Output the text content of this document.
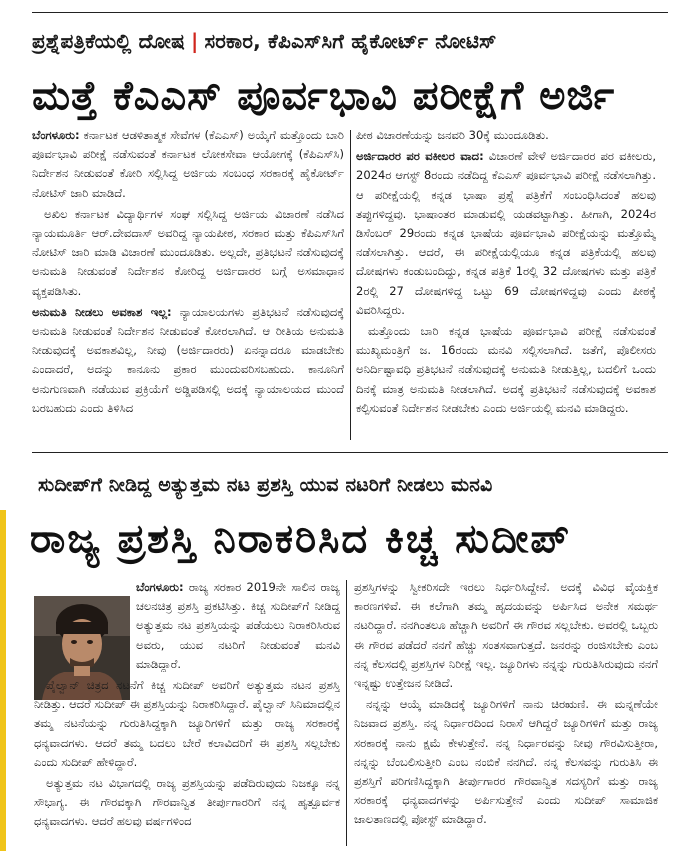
ಪ್ರಶ್ನೆಪತ್ರಿಕೆಯಲ್ಲಿ ದೋಷ | ಸರಕಾರ, ಕೆಪಿಎಸ್‌ಸಿಗೆ ಹೈಕೋರ್ಟ್ ನೋಟಿಸ್
ಮತ್ತೆ ಕೆಎಎಸ್ ಪೂರ್ವಭಾವಿ ಪರೀಕ್ಷೆಗೆ ಅರ್ಜಿ

ಬೆಂಗಳೂರು: ಕರ್ನಾಟಕ ಆಡಳಿತಾತ್ಮಕ ಸೇವೆಗಳ (ಕೆಎಎಸ್) ಅಯ್ಕೆಗೆ ಮತ್ತೊಂದು ಬಾರಿ ಪೂರ್ವಭಾವಿ ಪರೀಕ್ಷೆ ನಡೆಸುವಂತೆ ಕರ್ನಾಟಕ ಲೋಕಸೇವಾ ಆಯೋಗಕ್ಕೆ (ಕೆಪಿಎಸ್‌ಸಿ) ನಿರ್ದೇಶನ ನೀಡುವಂತೆ ಕೋರಿ ಸಲ್ಲಿಸಿದ್ದ ಅರ್ಜಿಯ ಸಂಬಂಧ ಸರಕಾರಕ್ಕೆ ಹೈಕೋರ್ಟ್ ನೋಟಿಸ್ ಜಾರಿ ಮಾಡಿದೆ.

ಅಖಿಲ ಕರ್ನಾಟಕ ವಿದ್ಯಾರ್ಥಿಗಳ ಸಂಘ ಸಲ್ಲಿಸಿದ್ದ ಅರ್ಜಿಯ ವಿಚಾರಣೆ ನಡೆಸಿದ ನ್ಯಾಯಮೂರ್ತಿ ಆರ್.ದೇವದಾಸ್ ಅವರಿದ್ದ ನ್ಯಾಯಪೀಠ, ಸರಕಾರ ಮತ್ತು ಕೆಪಿಎಸ್‌ಸಿಗೆ ನೋಟಿಸ್ ಜಾರಿ ಮಾಡಿ ವಿಚಾರಣೆ ಮುಂದೂಡಿತು. ಅಲ್ಲದೇ, ಪ್ರತಿಭಟನೆ ನಡೆಸುವುದಕ್ಕೆ ಅನುಮತಿ ನೀಡುವಂತೆ ನಿರ್ದೇಶನ ಕೋರಿದ್ದ ಅರ್ಜಿದಾರರ ಬಗ್ಗೆ ಅಸಮಾಧಾನ ವ್ಯಕ್ತಪಡಿಸಿತು.

ಅನುಮತಿ ನೀಡಲು ಅವಕಾಶ ಇಲ್ಲ: ನ್ಯಾಯಾಲಯಗಳು ಪ್ರತಿಭಟನೆ ನಡೆಸುವುದಕ್ಕೆ ಅನುಮತಿ ನೀಡುವಂತೆ ನಿರ್ದೇಶನ ನೀಡುವಂತೆ ಕೋರಲಾಗಿದೆ. ಆ ರೀತಿಯ ಅನುಮತಿ ನೀಡುವುದಕ್ಕೆ ಅವಕಾಶವಿಲ್ಲ, ನೀವು (ಅರ್ಜಿದಾರರು) ಏನನ್ನಾದರೂ ಮಾಡಬೇಕು ಎಂದಾದರೆ, ಅದನ್ನು ಕಾನೂನು ಪ್ರಕಾರ ಮುಂದುವರಿಸಬಹುದು. ಕಾನೂನಿಗೆ ಅನುಗುಣವಾಗಿ ನಡೆಯುವ ಪ್ರಕ್ರಿಯೆಗೆ ಅಡ್ಡಿಪಡಿಸಲ್ಲಿ ಅದಕ್ಕೆ ನ್ಯಾಯಾಲಯದ ಮುಂದೆ ಬರಬಹುದು ಎಂದು ತಿಳಿಸಿದ

ಪೀಠ ವಿಚಾರಣೆಯನ್ನು ಜನವರಿ 30ಕ್ಕೆ ಮುಂದೂಡಿತು.

ಅರ್ಜಿದಾರರ ಪರ ವಕೀಲರ ವಾದ: ವಿಚಾರಣೆ ವೇಳೆ ಅರ್ಜಿದಾರರ ಪರ ವಕೀಲರು, 2024ರ ಆಗಸ್ಟ್ 8ರಂದು ನಡೆದಿದ್ದ ಕೆಎಎಸ್ ಪೂರ್ವಭಾವಿ ಪರೀಕ್ಷೆ ನಡೆಸಲಾಗಿತ್ತು. ಆ ಪರೀಕ್ಷೆಯಲ್ಲಿ ಕನ್ನಡ ಭಾಷಾ ಪ್ರಶ್ನೆ ಪತ್ರಿಕೆಗೆ ಸಂಬಂಧಿಸಿದಂತೆ ಹಲವು ತಪ್ಪುಗಳಿದ್ದವು. ಭಾಷಾಂತರ ಮಾಡುವಲ್ಲಿ ಯಡವಟ್ಟಾಗಿತ್ತು. ಹೀಗಾಗಿ, 2024ರ ಡಿಸೆಂಬರ್ 29ರಂದು ಕನ್ನಡ ಭಾಷೆಯ ಪೂರ್ವಭಾವಿ ಪರೀಕ್ಷೆಯನ್ನು ಮತ್ತೊಮ್ಮೆ ನಡೆಸಲಾಗಿತ್ತು. ಆದರೆ, ಈ ಪರೀಕ್ಷೆಯಲ್ಲಿಯೂ ಕನ್ನಡ ಪತ್ರಿಕೆಯಲ್ಲಿ ಹಲವು ದೋಷಗಳು ಕಂಡುಬಂದಿದ್ದು, ಕನ್ನಡ ಪತ್ರಿಕೆ 1ರಲ್ಲಿ 32 ದೋಷಗಳು ಮತ್ತು ಪತ್ರಿಕೆ 2ರಲ್ಲಿ 27 ದೋಷಗಳಿದ್ದ ಒಟ್ಟು 69 ದೋಷಗಳಿದ್ದವು ಎಂದು ಪೀಠಕ್ಕೆ ವಿವರಿಸಿದ್ದರು.

ಮತ್ತೊಂದು ಬಾರಿ ಕನ್ನಡ ಭಾಷೆಯ ಪೂರ್ವಭಾವಿ ಪರೀಕ್ಷೆ ನಡೆಸುವಂತೆ ಮುಖ್ಯಮಂತ್ರಿಗೆ ಜ. 16ರಂದು ಮನವಿ ಸಲ್ಲಿಸಲಾಗಿದೆ. ಜತೆಗೆ, ಪೊಲೀಸರು ಅನಿರ್ದಿಷ್ಟಾವಧಿ ಪ್ರತಿಭಟನೆ ನಡೆಸುವುದಕ್ಕೆ ಅನುಮತಿ ನೀಡುತ್ತಿಲ್ಲ, ಬದಲಿಗೆ ಒಂದು ದಿನಕ್ಕೆ ಮಾತ್ರ ಅನುಮತಿ ನೀಡಲಾಗಿದೆ. ಅದಕ್ಕೆ ಪ್ರತಿಭಟನೆ ನಡೆಸುವುದಕ್ಕೆ ಅವಕಾಶ ಕಲ್ಪಿಸುವಂತೆ ನಿರ್ದೇಶನ ನೀಡಬೇಕು ಎಂದು ಅರ್ಜಿಯಲ್ಲಿ ಮನವಿ ಮಾಡಿದ್ದರು.

ಸುದೀಪ್‌ಗೆ ನೀಡಿದ್ದ ಅತ್ಯುತ್ತಮ ನಟ ಪ್ರಶಸ್ತಿ ಯುವ ನಟರಿಗೆ ನೀಡಲು ಮನವಿ
ರಾಜ್ಯ ಪ್ರಶಸ್ತಿ ನಿರಾಕರಿಸಿದ ಕಿಚ್ಚ ಸುದೀಪ್

ಬೆಂಗಳೂರು: ರಾಜ್ಯ ಸರಕಾರ 2019ನೇ ಸಾಲಿನ ರಾಜ್ಯ ಚಲನಚಿತ್ರ ಪ್ರಶಸ್ತಿ ಪ್ರಕಟಿಸಿತ್ತು. ಕಿಚ್ಚ ಸುದೀಪ್‌ಗೆ ನೀಡಿದ್ದ ಅತ್ಯುತ್ತಮ ನಟ ಪ್ರಶಸ್ತಿಯನ್ನು ಪಡೆಯಲು ನಿರಾಕರಿಸಿರುವ ಅವರು, ಯುವ ನಟರಿಗೆ ನೀಡುವಂತೆ ಮನವಿ ಮಾಡಿದ್ದಾರೆ.

ಪೈಲ್ವಾನ್ ಚಿತ್ರದ ನಟನೆಗೆ ಕಿಚ್ಚ ಸುದೀಪ್ ಅವರಿಗೆ ಅತ್ಯುತ್ತಮ ನಟನ ಪ್ರಶಸ್ತಿ ನೀಡಿತ್ತು. ಆದರೆ ಸುದೀಪ್ ಈ ಪ್ರಶಸ್ತಿಯನ್ನು ನಿರಾಕರಿಸಿದ್ದಾರೆ. ಪೈಲ್ವಾನ್ ಸಿನಿಮಾದಲ್ಲಿನ ತಮ್ಮ ನಟನೆಯನ್ನು ಗುರುತಿಸಿದ್ದಕ್ಕಾಗಿ ಜ್ಯೂರಿಗಳಿಗೆ ಮತ್ತು ರಾಜ್ಯ ಸರಕಾರಕ್ಕೆ ಧನ್ಯವಾದಗಳು. ಆದರೆ ತಮ್ಮ ಬದಲು ಬೇರೆ ಕಲಾವಿದರಿಗೆ ಈ ಪ್ರಶಸ್ತಿ ಸಲ್ಲಬೇಕು ಎಂದು ಸುದೀಪ್ ಹೇಳಿದ್ದಾರೆ.

ಅತ್ಯುತ್ತಮ ನಟ ವಿಭಾಗದಲ್ಲಿ ರಾಜ್ಯ ಪ್ರಶಸ್ತಿಯನ್ನು ಪಡೆದಿರುವುದು ನಿಜಕ್ಕೂ ನನ್ನ ಸೌಭಾಗ್ಯ. ಈ ಗೌರವಕ್ಕಾಗಿ ಗೌರವಾನ್ವಿತ ತೀರ್ಪುಗಾರರಿಗೆ ನನ್ನ ಹೃತ್ಪೂರ್ವಕ ಧನ್ಯವಾದಗಳು. ಆದರೆ ಹಲವು ವರ್ಷಗಳಿಂದ

ಪ್ರಶಸ್ತಿಗಳನ್ನು ಸ್ವೀಕರಿಸದೇ ಇರಲು ನಿರ್ಧರಿಸಿದ್ದೇನೆ. ಅದಕ್ಕೆ ವಿವಿಧ ವೈಯಕ್ತಿಕ ಕಾರಣಗಳಿವೆ. ಈ ಕಲೆಗಾಗಿ ತಮ್ಮ ಹೃದಯವನ್ನು ಅರ್ಪಿಸಿದ ಅನೇಕ ಸಮರ್ಥ ನಟರಿದ್ದಾರೆ. ನನಗಿಂತಲೂ ಹೆಚ್ಚಾಗಿ ಅವರಿಗೆ ಈ ಗೌರವ ಸಲ್ಲಬೇಕು. ಅವರಲ್ಲಿ ಒಬ್ಬರು ಈ ಗೌರವ ಪಡೆದರೆ ನನಗೆ ಹೆಚ್ಚು ಸಂತಸವಾಗುತ್ತದೆ. ಜನರನ್ನು ರಂಜಿಸಬೇಕು ಎಂಬ ನನ್ನ ಕೆಲಸದಲ್ಲಿ ಪ್ರಶಸ್ತಿಗಳ ನಿರೀಕ್ಷೆ ಇಲ್ಲ. ಜ್ಯೂರಿಗಳು ನನ್ನನ್ನು ಗುರುತಿಸಿರುವುದು ನನಗೆ ಇನ್ನಷ್ಟು ಉತ್ತೇಜನ ನೀಡಿದೆ.

ನನ್ನನ್ನು ಆಯ್ಕೆ ಮಾಡಿದಕ್ಕೆ ಜ್ಯೂರಿಗಳಿಗೆ ನಾನು ಚಿರಋಣಿ. ಈ ಮನ್ನಣೆಯೇ ನಿಜವಾದ ಪ್ರಶಸ್ತಿ. ನನ್ನ ನಿರ್ಧಾರದಿಂದ ನಿರಾಸೆ ಆಗಿದ್ದರೆ ಜ್ಯೂರಿಗಳಿಗೆ ಮತ್ತು ರಾಜ್ಯ ಸರಕಾರಕ್ಕೆ ನಾನು ಕ್ಷಮೆ ಕೇಳುತ್ತೇನೆ. ನನ್ನ ನಿರ್ಧಾರವನ್ನು ನೀವು ಗೌರವಿಸುತ್ತೀರಾ, ನನ್ನನ್ನು ಬೆಂಬಲಿಸುತ್ತೀರಿ ಎಂಬ ನಂಬಿಕೆ ನನಗಿದೆ. ನನ್ನ ಕೆಲಸವನ್ನು ಗುರುತಿಸಿ ಈ ಪ್ರಶಸ್ತಿಗೆ ಪರಿಗಣಿಸಿದ್ದಕ್ಕಾಗಿ ತೀರ್ಪುಗಾರರ ಗೌರವಾನ್ವಿತ ಸದಸ್ಯರಿಗೆ ಮತ್ತು ರಾಜ್ಯ ಸರಕಾರಕ್ಕೆ ಧನ್ಯವಾದಗಳನ್ನು ಅರ್ಪಿಸುತ್ತೇನೆ ಎಂದು ಸುದೀಪ್ ಸಾಮಾಜಿಕ ಜಾಲತಾಣದಲ್ಲಿ ಪೋಸ್ಟ್ ಮಾಡಿದ್ದಾರೆ.
